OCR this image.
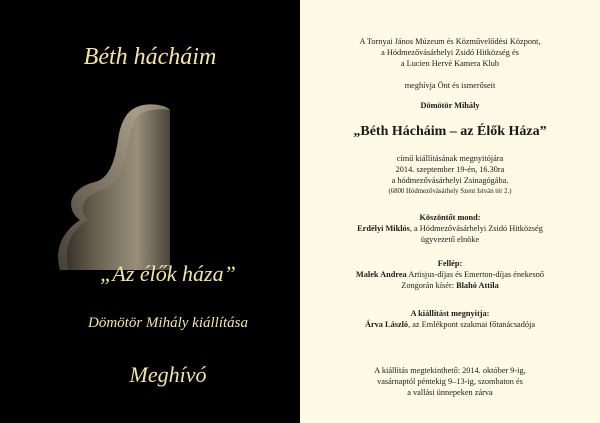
Béth hácháim
„Az élők háza”
Dömötör Mihály kiállítása
Meghívó
A Tornyai János Múzeum és Közművelődési Központ,
a Hódmezővásárhelyi Zsidó Hitközség és
a Lucien Hervé Kamera Klub
meghívja Önt és ismerőseit
Dömötör Mihály
„Béth Hácháim – az Élők Háza”
című kiállításának megnyitójára
2014. szeptember 19-én, 16.30ra
a hódmezővásárhelyi Zsinagógába.
(6800 Hódmezővásárhely Szent István tér 2.)
Köszöntőt mond:
Erdélyi Miklós, a Hódmezővásárhelyi Zsidó Hitközség
ügyvezető elnöke
Fellép:
Malek Andrea Artisjus-díjas és Emerton-díjas énekesnő
Zongorán kísér: Blahó Attila
A kiállítást megnyitja:
Árva László, az Emlékpont szakmai főtanácsadója
A kiállítás megtekinthető: 2014. október 9-ig,
vasárnaptól péntekig 9–13-ig, szombaton és
a vallási ünnepeken zárva
